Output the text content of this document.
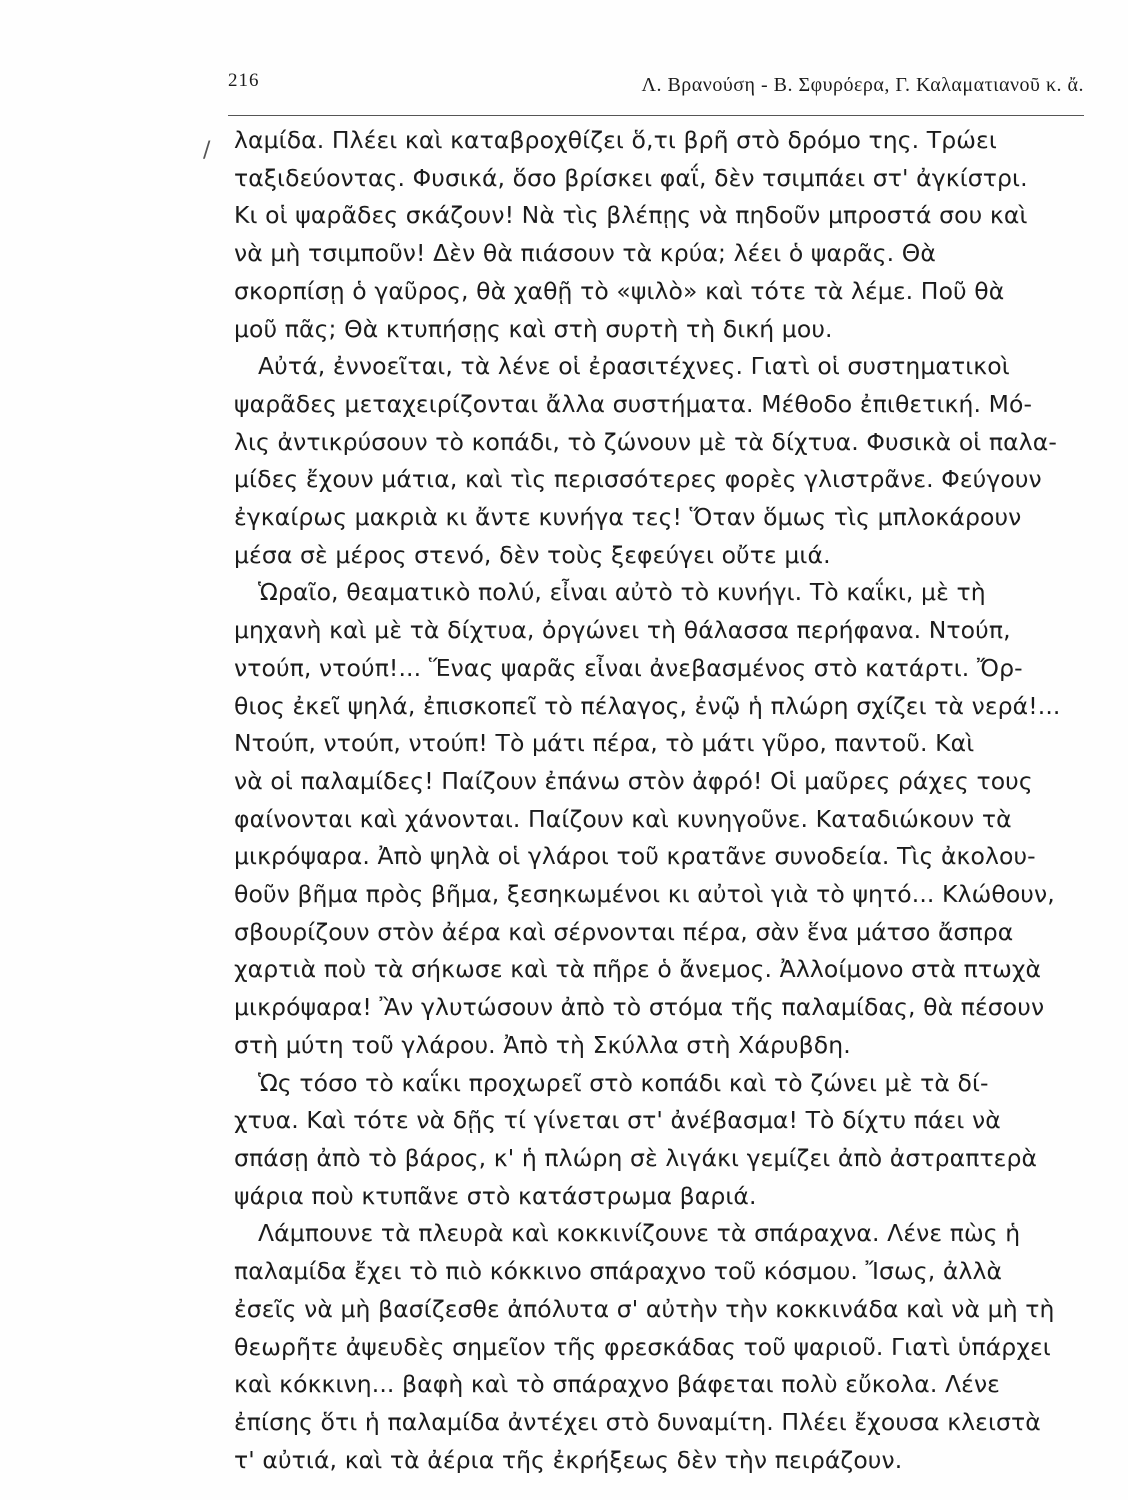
216	Λ. Βρανούση - Β. Σφυρόερα, Γ. Καλαματιανοῦ κ. ἄ.
/ λαμίδα. Πλέει καὶ καταβροχθίζει ὅ,τι βρῆ στὸ δρόμο της. Τρώει
ταξιδεύοντας. Φυσικά, ὅσο βρίσκει φαΐ, δὲν τσιμπάει στ' ἀγκίστρι.
Κι οἱ ψαρᾶδες σκάζουν! Νὰ τὶς βλέπῃς νὰ πηδοῦν μπροστά σου καὶ
νὰ μὴ τσιμποῦν! Δὲν θὰ πιάσουν τὰ κρύα; λέει ὁ ψαρᾶς. Θὰ
σκορπίσῃ ὁ γαῦρος, θὰ χαθῇ τὸ «ψιλὸ» καὶ τότε τὰ λέμε. Ποῦ θὰ
μοῦ πᾶς; Θὰ κτυπήσῃς καὶ στὴ συρτὴ τὴ δική μου.

Αὐτά, ἐννοεῖται, τὰ λένε οἱ ἐρασιτέχνες. Γιατὶ οἱ συστηματικοὶ
ψαρᾶδες μεταχειρίζονται ἄλλα συστήματα. Μέθοδο ἐπιθετική. Μό-
λις ἀντικρύσουν τὸ κοπάδι, τὸ ζώνουν μὲ τὰ δίχτυα. Φυσικὰ οἱ παλα-
μίδες ἔχουν μάτια, καὶ τὶς περισσότερες φορὲς γλιστρᾶνε. Φεύγουν
ἐγκαίρως μακριὰ κι ἄντε κυνήγα τες! Ὅταν ὅμως τὶς μπλοκάρουν
μέσα σὲ μέρος στενό, δὲν τοὺς ξεφεύγει οὔτε μιά.

Ὡραῖο, θεαματικὸ πολύ, εἶναι αὐτὸ τὸ κυνήγι. Τὸ καΐκι, μὲ τὴ
μηχανὴ καὶ μὲ τὰ δίχτυα, ὀργώνει τὴ θάλασσα περήφανα. Ντούπ,
ντούπ, ντούπ!... Ἕνας ψαρᾶς εἶναι ἀνεβασμένος στὸ κατάρτι. Ὄρ-
θιος ἐκεῖ ψηλά, ἐπισκοπεῖ τὸ πέλαγος, ἐνῷ ἡ πλώρη σχίζει τὰ νερά!...
Ντούπ, ντούπ, ντούπ! Τὸ μάτι πέρα, τὸ μάτι γῦρο, παντοῦ. Καὶ
νὰ οἱ παλαμίδες! Παίζουν ἐπάνω στὸν ἀφρό! Οἱ μαῦρες ράχες τους
φαίνονται καὶ χάνονται. Παίζουν καὶ κυνηγοῦνε. Καταδιώκουν τὰ
μικρόψαρα. Ἀπὸ ψηλὰ οἱ γλάροι τοῦ κρατᾶνε συνοδεία. Τὶς ἀκολου-
θοῦν βῆμα πρὸς βῆμα, ξεσηκωμένοι κι αὐτοὶ γιὰ τὸ ψητό... Κλώθουν,
σβουρίζουν στὸν ἀέρα καὶ σέρνονται πέρα, σὰν ἕνα μάτσο ἄσπρα
χαρτιὰ ποὺ τὰ σήκωσε καὶ τὰ πῆρε ὁ ἄνεμος. Ἀλλοίμονο στὰ πτωχὰ
μικρόψαρα! Ἂν γλυτώσουν ἀπὸ τὸ στόμα τῆς παλαμίδας, θὰ πέσουν
στὴ μύτη τοῦ γλάρου. Ἀπὸ τὴ Σκύλλα στὴ Χάρυβδη.

Ὡς τόσο τὸ καΐκι προχωρεῖ στὸ κοπάδι καὶ τὸ ζώνει μὲ τὰ δί-
χτυα. Καὶ τότε νὰ δῇς τί γίνεται στ' ἀνέβασμα! Τὸ δίχτυ πάει νὰ
σπάσῃ ἀπὸ τὸ βάρος, κ' ἡ πλώρη σὲ λιγάκι γεμίζει ἀπὸ ἀστραπτερὰ
ψάρια ποὺ κτυπᾶνε στὸ κατάστρωμα βαριά.

Λάμπουνε τὰ πλευρὰ καὶ κοκκινίζουνε τὰ σπάραχνα. Λένε πὼς ἡ
παλαμίδα ἔχει τὸ πιὸ κόκκινο σπάραχνο τοῦ κόσμου. Ἴσως, ἀλλὰ
ἐσεῖς νὰ μὴ βασίζεσθε ἀπόλυτα σ' αὐτὴν τὴν κοκκινάδα καὶ νὰ μὴ τὴ
θεωρῆτε ἀψευδὲς σημεῖον τῆς φρεσκάδας τοῦ ψαριοῦ. Γιατὶ ὑπάρχει
καὶ κόκκινη... βαφὴ καὶ τὸ σπάραχνο βάφεται πολὺ εὔκολα. Λένε
ἐπίσης ὅτι ἡ παλαμίδα ἀντέχει στὸ δυναμίτη. Πλέει ἔχουσα κλειστὰ
τ' αὐτιά, καὶ τὰ ἀέρια τῆς ἐκρήξεως δὲν τὴν πειράζουν.
